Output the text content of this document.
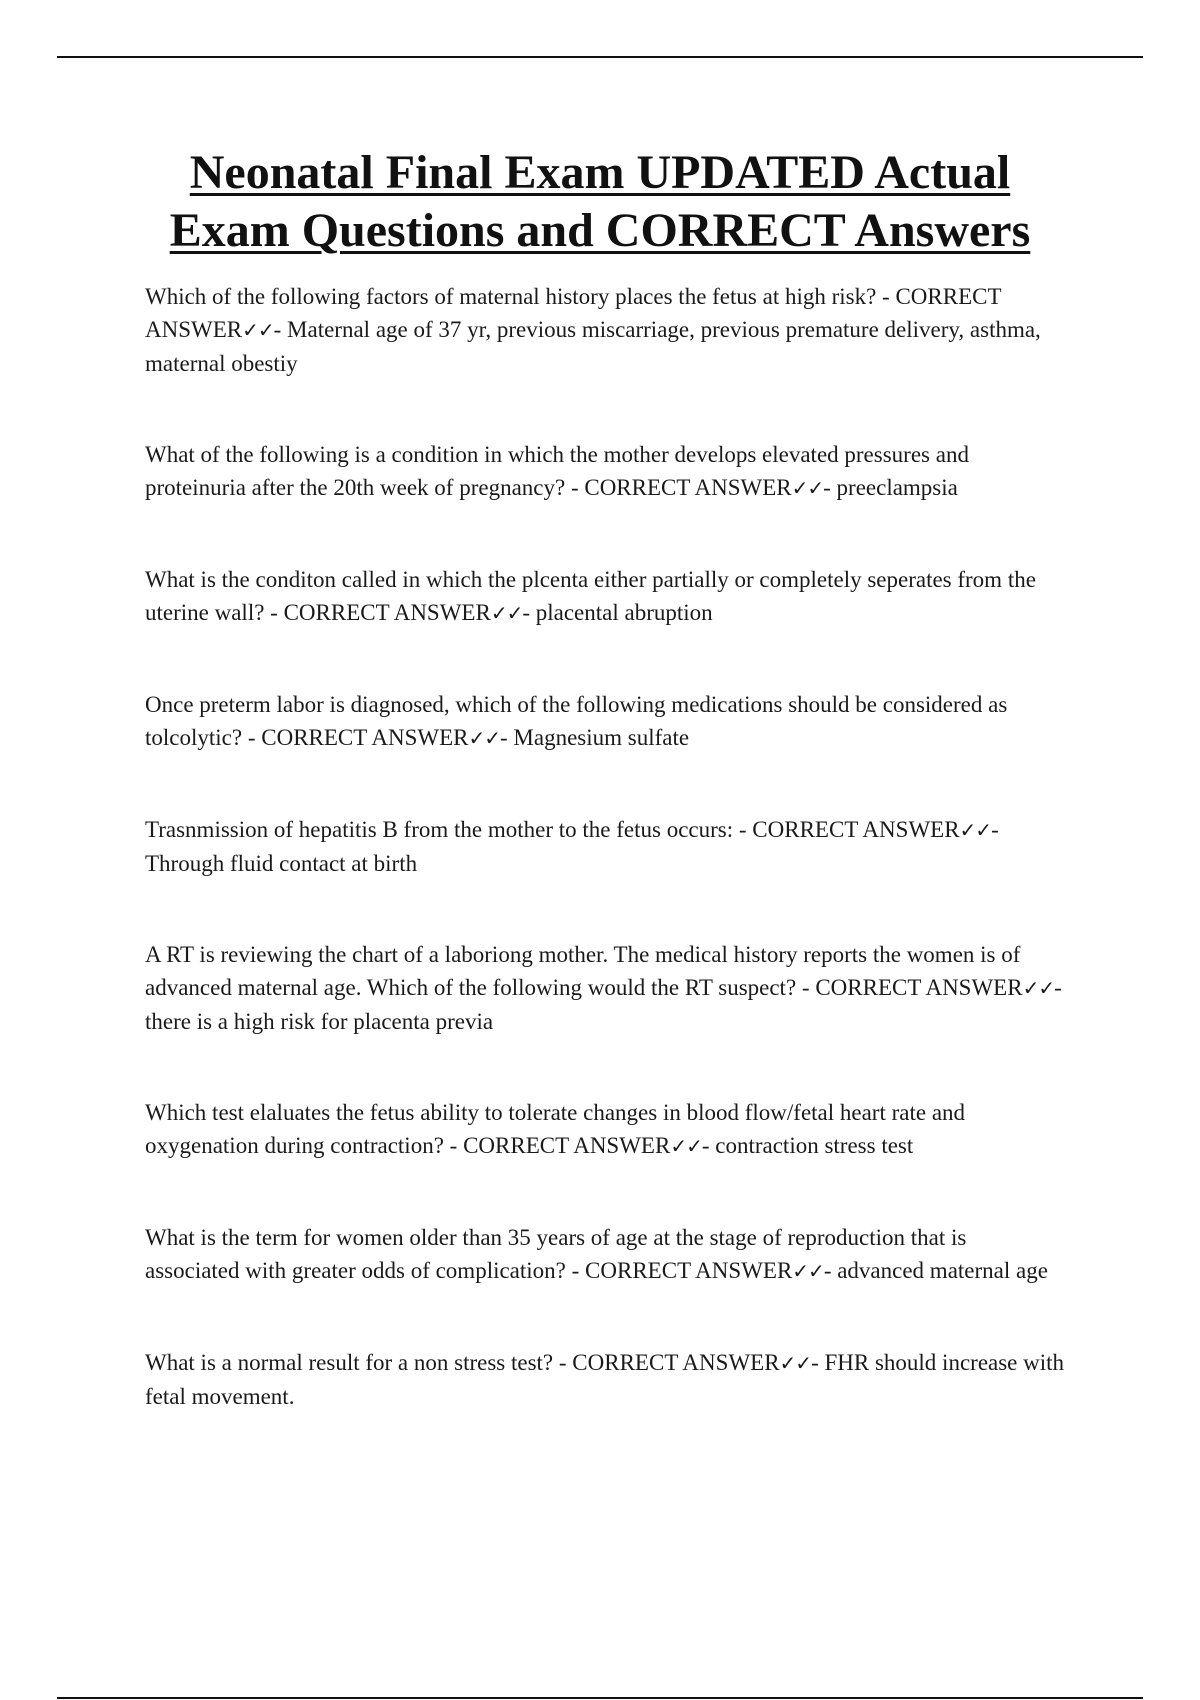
Neonatal Final Exam UPDATED Actual
Exam Questions and CORRECT Answers

Which of the following factors of maternal history places the fetus at high risk? - CORRECT ANSWER✓✓- Maternal age of 37 yr, previous miscarriage, previous premature delivery, asthma, maternal obestiy

What of the following is a condition in which the mother develops elevated pressures and proteinuria after the 20th week of pregnancy? - CORRECT ANSWER✓✓- preeclampsia

What is the conditon called in which the plcenta either partially or completely seperates from the uterine wall? - CORRECT ANSWER✓✓- placental abruption

Once preterm labor is diagnosed, which of the following medications should be considered as tolcolytic? - CORRECT ANSWER✓✓- Magnesium sulfate

Trasnmission of hepatitis B from the mother to the fetus occurs: - CORRECT ANSWER✓✓- Through fluid contact at birth

A RT is reviewing the chart of a laboriong mother. The medical history reports the women is of advanced maternal age. Which of the following would the RT suspect? - CORRECT ANSWER✓✓- there is a high risk for placenta previa

Which test elaluates the fetus ability to tolerate changes in blood flow/fetal heart rate and oxygenation during contraction? - CORRECT ANSWER✓✓- contraction stress test

What is the term for women older than 35 years of age at the stage of reproduction that is associated with greater odds of complication? - CORRECT ANSWER✓✓- advanced maternal age

What is a normal result for a non stress test? - CORRECT ANSWER✓✓- FHR should increase with fetal movement.
